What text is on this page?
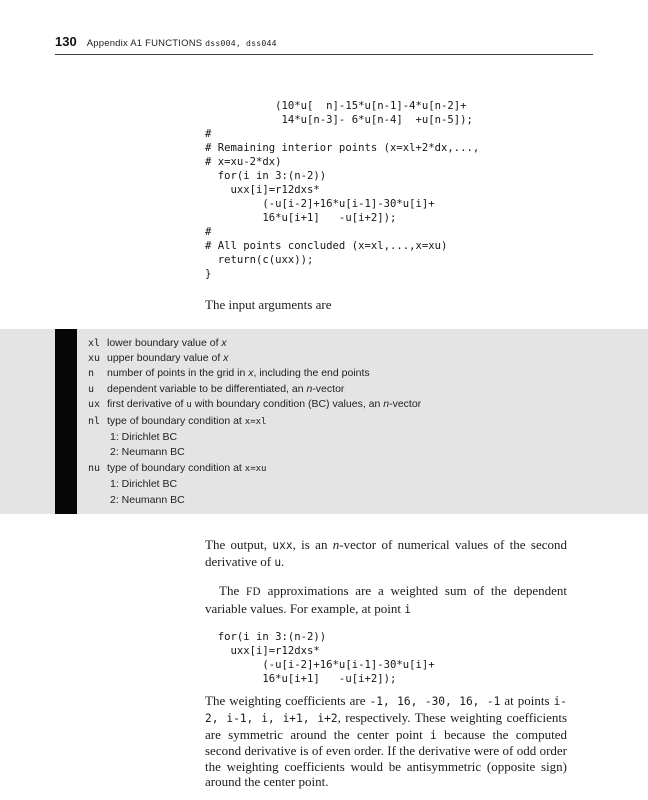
130 Appendix A1 FUNCTIONS dss004, dss044
(10*u[  n]-15*u[n-1]-4*u[n-2]+
14*u[n-3]- 6*u[n-4]  +u[n-5]);
#
# Remaining interior points (x=xl+2*dx,...,
# x=xu-2*dx)
for(i in 3:(n-2))
uxx[i]=r12dxs*
(-u[i-2]+16*u[i-1]-30*u[i]+
16*u[i+1]   -u[i+2]);
#
# All points concluded (x=xl,...,x=xu)
return(c(uxx));
}

The input arguments are

xl lower boundary value of x
xu upper boundary value of x
n	number of points in the grid in x, including the end points
u	dependent variable to be differentiated, an n-vector
ux first derivative of u with boundary condition (BC) values, an n-vector
nl type of boundary condition at x=xl
1: Dirichlet BC
2: Neumann BC
nu type of boundary condition at x=xu
1: Dirichlet BC
2: Neumann BC

The output, uxx, is an n-vector of numerical values of the second derivative of u.

The FD approximations are a weighted sum of the dependent variable values. For example, at point i

for(i in 3:(n-2))
uxx[i]=r12dxs*
(-u[i-2]+16*u[i-1]-30*u[i]+
16*u[i+1]   -u[i+2]);

The weighting coefficients are -1, 16, -30, 16, -1 at points i-2, i-1, i, i+1, i+2, respectively. These weighting coefficients are symmetric around the center point i because the computed second derivative is of even order. If the derivative were of odd order the weighting coefficients would be antisymmetric (opposite sign) around the center point.
